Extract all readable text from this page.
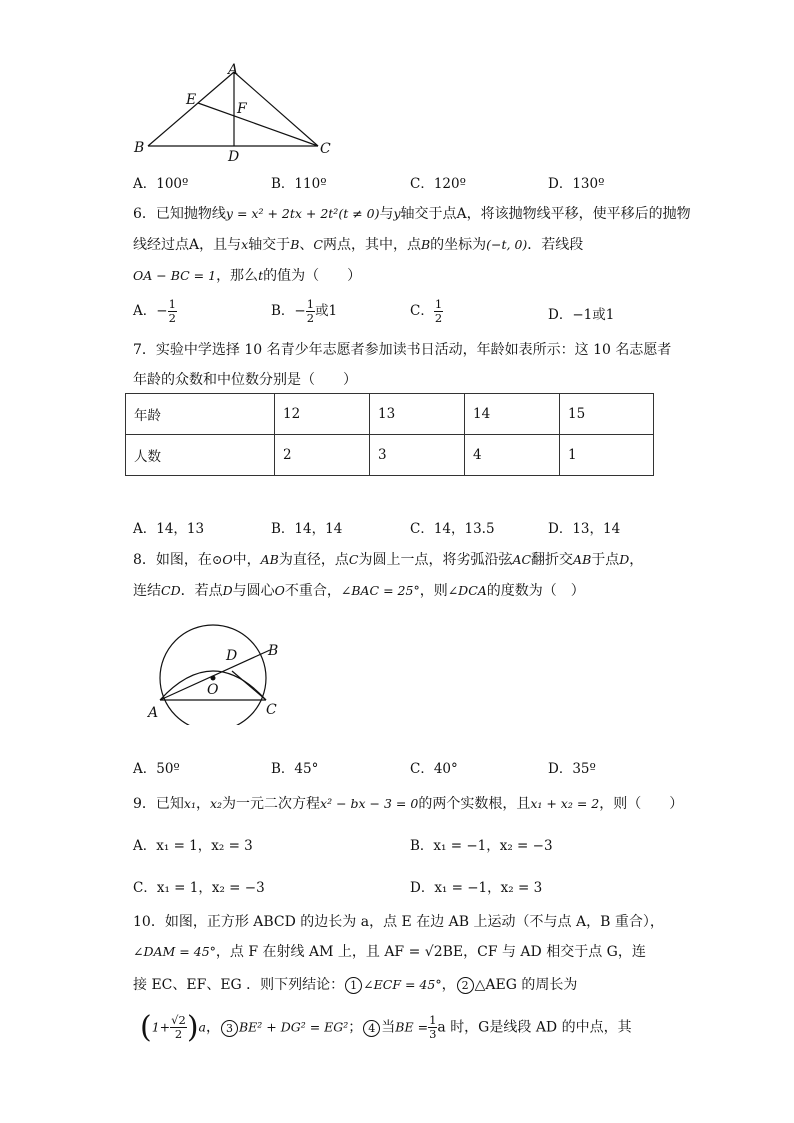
A
E
F
B
D	C
A．100º	B．110º	C．120º	D．130º
6．已知抛物线y = x² + 2tx + 2t²(t ≠ 0)与y轴交于点A，将该抛物线平移，使平移后的抛物
线经过点A，且与x轴交于B、C两点，其中，点B的坐标为(−t, 0)．若线段
OA − BC = 1，那么t的值为（　　）
A．− $\frac{1}{2}$	B．− $\frac{1}{2}$ 或1	C． $\frac{1}{2}$	D．−1或1
7．实验中学选择 10 名青少年志愿者参加读书日活动，年龄如表所示：这 10 名志愿者
年龄的众数和中位数分别是（　　）
年龄	12	13	14	15
人数	2	3	4	1
A．14，13	B．14，14	C．14，13.5	D．13，14
8．如图，在⊙O中，AB为直径，点C为圆上一点，将劣弧沿弦AC翻折交AB于点D，
连结CD．若点D与圆心O不重合，∠BAC = 25°，则∠DCA的度数为（　）
B
D
O
A	C
A．50º	B．45°	C．40°	D．35º
9．已知x₁，x₂为一元二次方程x² − bx − 3 = 0的两个实数根，且x₁ + x₂ = 2，则（　　）
A．x₁ = 1，x₂ = 3	B．x₁ = −1，x₂ = −3
C．x₁ = 1，x₂ = −3	D．x₁ = −1，x₂ = 3
10．如图，正方形 ABCD 的边长为 a，点 E 在边 AB 上运动（不与点 A，B 重合），
∠DAM = 45°，点 F 在射线 AM 上，且 AF = √2BE，CF 与 AD 相交于点 G，连
接 EC、EF、EG ．则下列结论： 1 ∠ECF = 45°， 2 △AEG 的周长为
$(1+ \frac{√2}{2} )a$， 3 BE² + DG² = EG²； 4 当BE = $\frac{1}{3}$ a 时，G是线段 AD 的中点，其
